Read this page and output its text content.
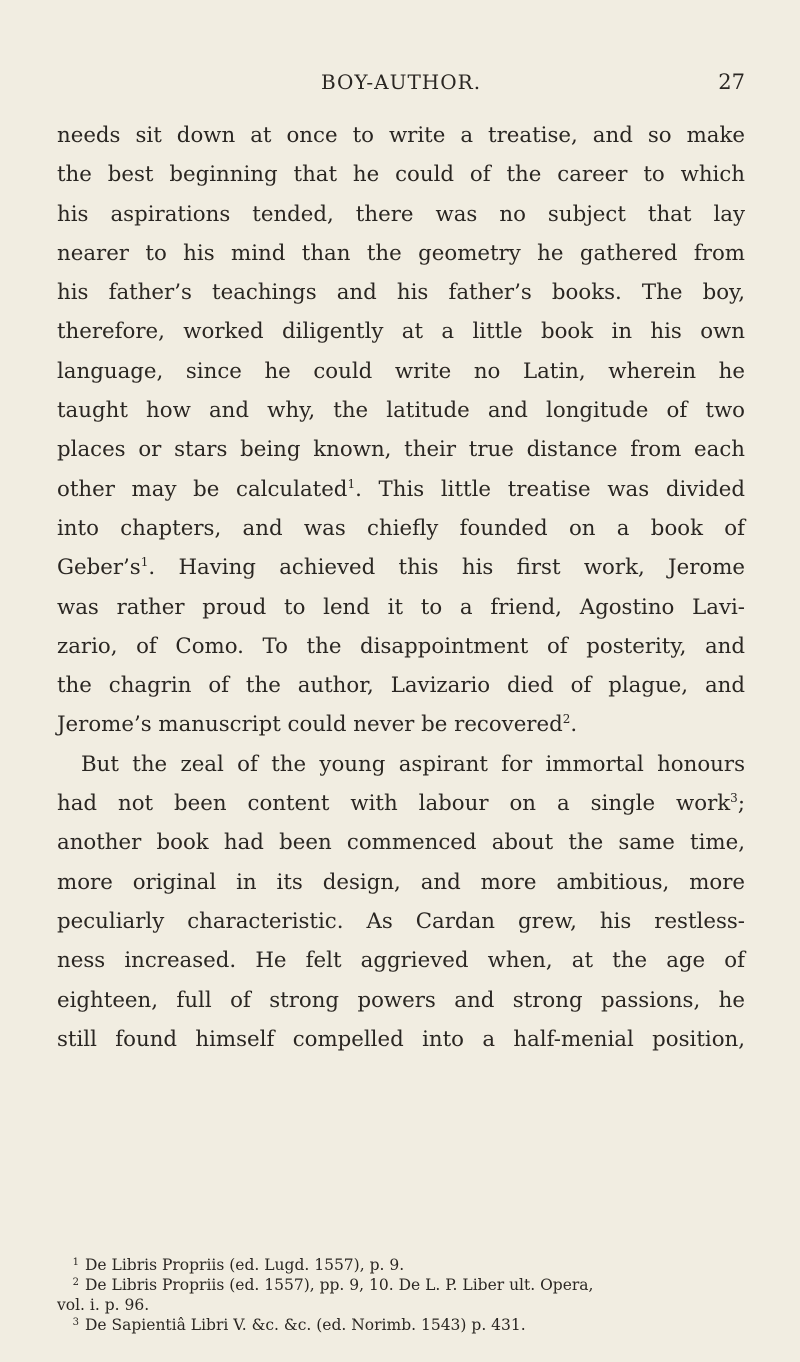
BOY-AUTHOR.	27
needs sit down at once to write a treatise, and so make
the best beginning that he could of the career to which
his aspirations tended, there was no subject that lay
nearer to his mind than the geometry he gathered from
his father’s teachings and his father’s books. The boy,
therefore, worked diligently at a little book in his own
language, since he could write no Latin, wherein he
taught how and why, the latitude and longitude of two
places or stars being known, their true distance from each
other may be calculated$^1$. This little treatise was divided
into chapters, and was chiefly founded on a book of
$Geber’s^1$. Having achieved this his first work, Jerome
was rather proud to lend it to a friend, Agostino Lavi-
zario, of Como. To the disappointment of posterity, and
the chagrin of the author, Lavizario died of plague, and
Jerome’s manuscript could never be recovered$^2$.
But the zeal of the young aspirant for immortal honours
had not been content with labour on a single work$^3$;
another book had been commenced about the same time,
more original in its design, and more ambitious, more
peculiarly characteristic. As Cardan grew, his restless-
ness increased. He felt aggrieved when, at the age of
eighteen, full of strong powers and strong passions, he
still found himself compelled into a half-menial position,
1 De Libris Propriis (ed. Lugd. 1557), p. 9.
2 De Libris Propriis (ed. 1557), pp. 9, 10. De L. P. Liber ult. Opera,
vol. i. p. 96.
3 De Sapientiâ Libri V. &c. &c. (ed. Norimb. 1543) p. 431.
